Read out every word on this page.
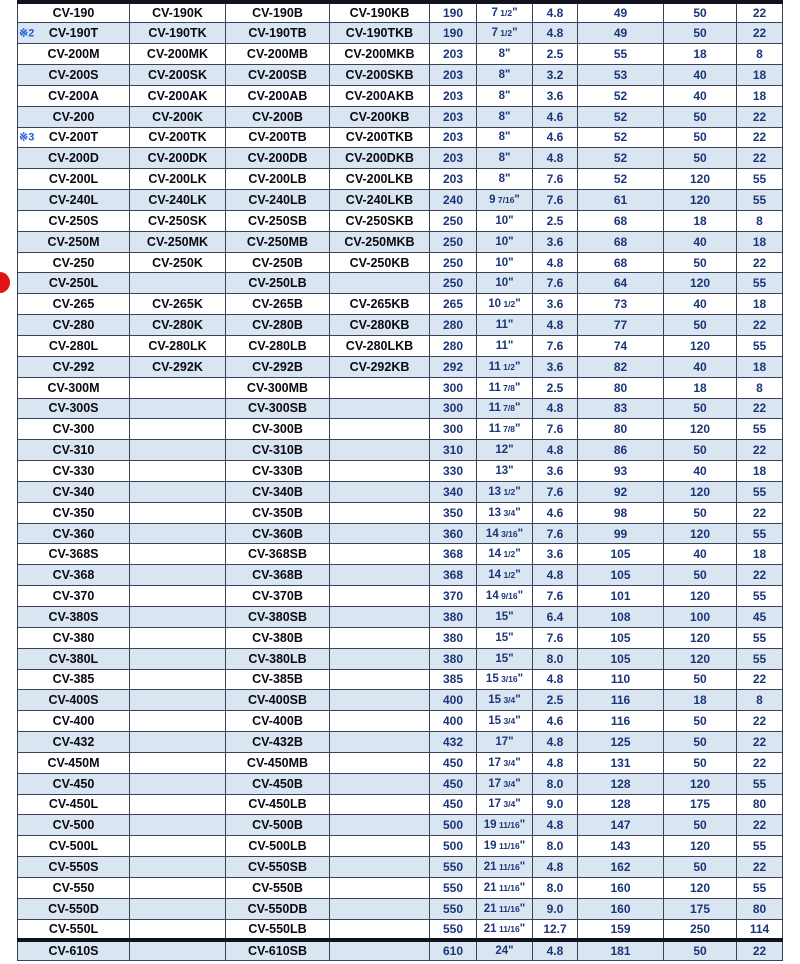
CV-190	CV-190K	CV-190B	CV-190KB	190	7 1/2"	4.8	49	50	22

※2 CV-190T	CV-190TK	CV-190TB	CV-190TKB	190	7 1/2"	4.8	49	50	22
CV-200M	CV-200MK	CV-200MB	CV-200MKB	203	8"	2.5	55	18	8
CV-200S	CV-200SK	CV-200SB	CV-200SKB	203	8"	3.2	53	40	18
CV-200A	CV-200AK	CV-200AB	CV-200AKB	203	8"	3.6	52	40	18
CV-200	CV-200K	CV-200B	CV-200KB	203	8"	4.6	52	50	22

※3 CV-200T	CV-200TK	CV-200TB	CV-200TKB	203	8"	4.6	52	50	22
CV-200D	CV-200DK	CV-200DB	CV-200DKB	203	8"	4.8	52	50	22
CV-200L	CV-200LK	CV-200LB	CV-200LKB	203	8"	7.6	52	120	55
CV-240L	CV-240LK	CV-240LB	CV-240LKB	240	9 7/16"	7.6	61	120	55
CV-250S	CV-250SK	CV-250SB	CV-250SKB	250	10"	2.5	68	18	8
CV-250M	CV-250MK	CV-250MB	CV-250MKB	250	10"	3.6	68	40	18
CV-250	CV-250K	CV-250B	CV-250KB	250	10"	4.8	68	50	22
CV-250L		CV-250LB		250	10"	7.6	64	120	55
CV-265	CV-265K	CV-265B	CV-265KB	265	10 1/2"	3.6	73	40	18
CV-280	CV-280K	CV-280B	CV-280KB	280	11"	4.8	77	50	22
CV-280L	CV-280LK	CV-280LB	CV-280LKB	280	11"	7.6	74	120	55
CV-292	CV-292K	CV-292B	CV-292KB	292	11 1/2"	3.6	82	40	18
CV-300M		CV-300MB		300	11 7/8"	2.5	80	18	8
CV-300S		CV-300SB		300	11 7/8"	4.8	83	50	22
CV-300		CV-300B		300	11 7/8"	7.6	80	120	55
CV-310		CV-310B		310	12"	4.8	86	50	22
CV-330		CV-330B		330	13"	3.6	93	40	18
CV-340		CV-340B		340	13 1/2"	7.6	92	120	55
CV-350		CV-350B		350	13 3/4"	4.6	98	50	22
CV-360		CV-360B		360	14 3/16"	7.6	99	120	55
CV-368S		CV-368SB		368	14 1/2"	3.6	105	40	18
CV-368		CV-368B		368	14 1/2"	4.8	105	50	22
CV-370		CV-370B		370	14 9/16"	7.6	101	120	55
CV-380S		CV-380SB		380	15"	6.4	108	100	45
CV-380		CV-380B		380	15"	7.6	105	120	55
CV-380L		CV-380LB		380	15"	8.0	105	120	55
CV-385		CV-385B		385	15 3/16"	4.8	110	50	22
CV-400S		CV-400SB		400	15 3/4"	2.5	116	18	8
CV-400		CV-400B		400	15 3/4"	4.6	116	50	22
CV-432		CV-432B		432	17"	4.8	125	50	22
CV-450M		CV-450MB		450	17 3/4"	4.8	131	50	22
CV-450		CV-450B		450	17 3/4"	8.0	128	120	55
CV-450L		CV-450LB		450	17 3/4"	9.0	128	175	80
CV-500		CV-500B		500	19 11/16"	4.8	147	50	22
CV-500L		CV-500LB		500	19 11/16"	8.0	143	120	55
CV-550S		CV-550SB		550	21 11/16"	4.8	162	50	22
CV-550		CV-550B		550	21 11/16"	8.0	160	120	55
CV-550D		CV-550DB		550	21 11/16"	9.0	160	175	80
CV-550L		CV-550LB		550	21 11/16"	12.7	159	250	114
CV-610S		CV-610SB		610	24"	4.8	181	50	22
